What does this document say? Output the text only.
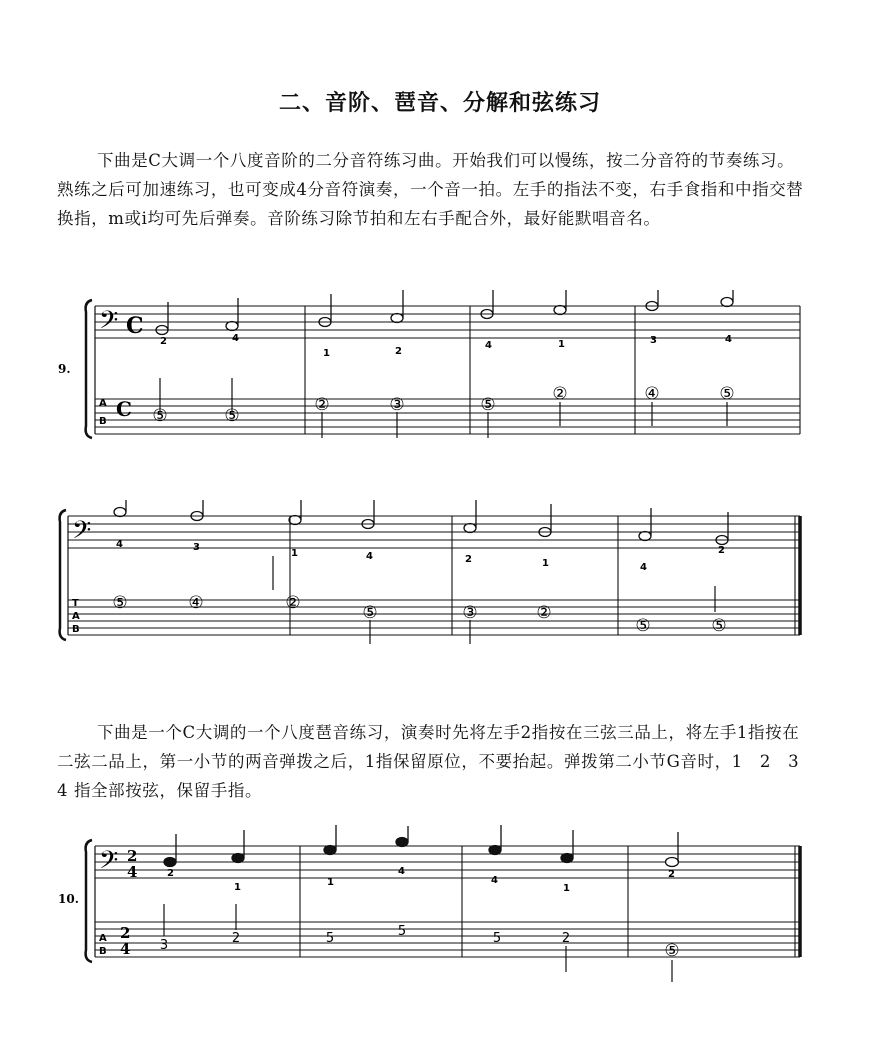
二、音阶、琶音、分解和弦练习

下曲是C大调一个八度音阶的二分音符练习曲。开始我们可以慢练，按二分音符的节奏练习。熟练之后可加速练习，也可变成4分音符演奏，一个音一拍。左手的指法不变，右手食指和中指交替换指，m或i均可先后弹奏。音阶练习除节拍和左右手配合外，最好能默唱音名。

𝄢 C
A
B
C
9.
2	4
1	2
4	1	3	4
⑤	⑤
②	③	⑤
②	④	⑤
𝄢
T
A
B
4	3
1	4	2	1	4
2
⑤	④	②	⑤	③	②
⑤	⑤

下曲是一个C大调的一个八度琶音练习，演奏时先将左手2指按在三弦三品上，将左手1指按在二弦二品上，第一小节的两音弹拨之后，1指保留原位，不要抬起。弹拨第二小节G音时，1　2　3　4 指全部按弦，保留手指。

𝄢 2
4
A
B
2
4
10.
2
1	1
4
4
1
2
3	2	5	5	5	2
⑤
